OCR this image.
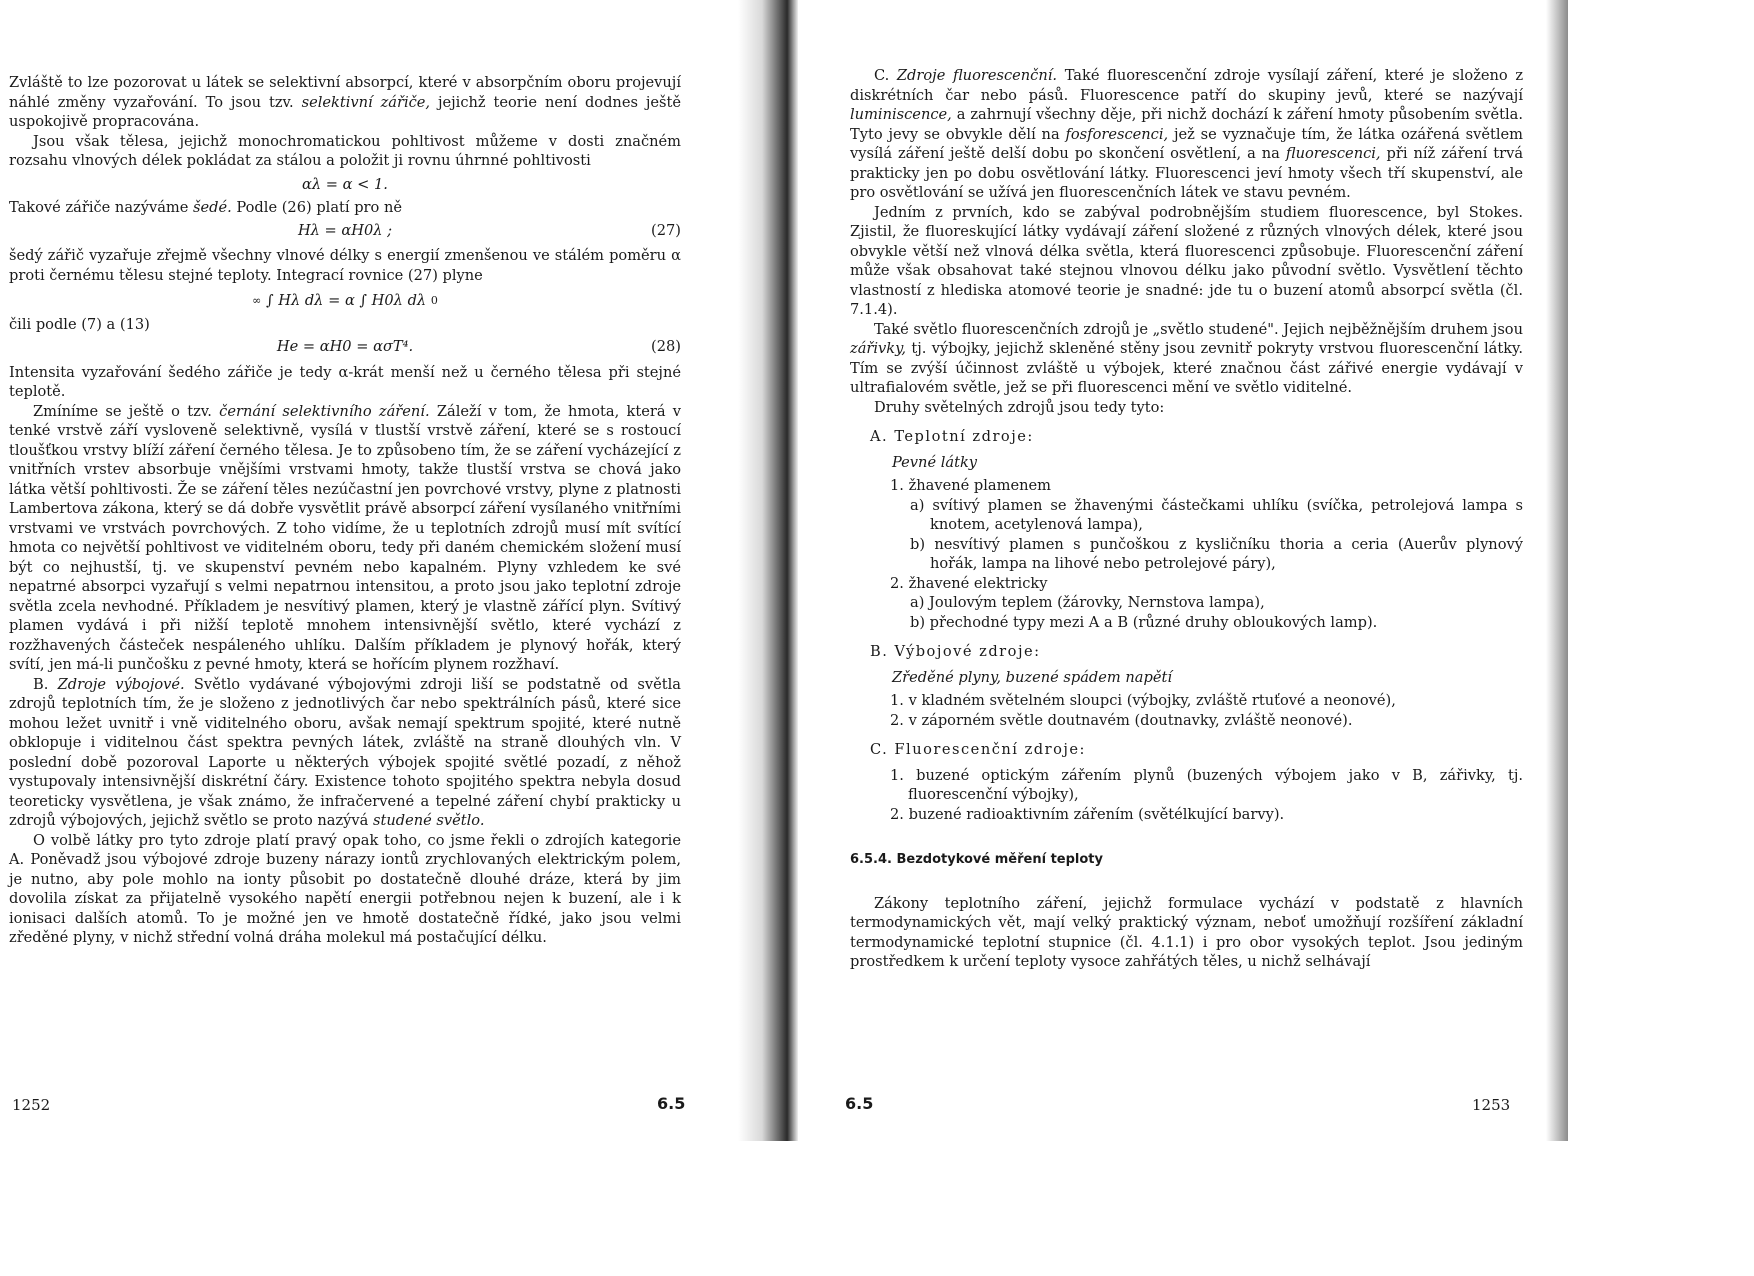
Zvláště to lze pozorovat u látek se selektivní absorpcí, které v absorpčním oboru projevují náhlé změny vyzařování. To jsou tzv. selektivní zářiče, jejichž teorie není dodnes ještě uspokojivě propracována.

Jsou však tělesa, jejichž monochromatickou pohltivost můžeme v dosti značném rozsahu vlnových délek pokládat za stálou a položit ji rovnu úhrnné pohltivosti

αλ = α < 1.

Takové zářiče nazýváme šedé. Podle (26) platí pro ně

Hλ = αH0λ ;	(27)

šedý zářič vyzařuje zřejmě všechny vlnové délky s energií zmenšenou ve stálém poměru α proti černému tělesu stejné teploty. Integrací rovnice (27) plyne

∞ ∫ Hλ dλ = α ∫ H0λ dλ 0

čili podle (7) a (13)

He = αH0 = ασT⁴.	(28)

Intensita vyzařování šedého zářiče je tedy α-krát menší než u černého tělesa při stejné teplotě.

Zmíníme se ještě o tzv. černání selektivního záření. Záleží v tom, že hmota, která v tenké vrstvě září vysloveně selektivně, vysílá v tlustší vrstvě záření, které se s rostoucí tloušťkou vrstvy blíží záření černého tělesa. Je to způsobeno tím, že se záření vycházející z vnitřních vrstev absorbuje vnějšími vrstvami hmoty, takže tlustší vrstva se chová jako látka větší pohltivosti. Že se záření těles nezúčastní jen povrchové vrstvy, plyne z platnosti Lambertova zákona, který se dá dobře vysvětlit právě absorpcí záření vysílaného vnitřními vrstvami ve vrstvách povrchových. Z toho vidíme, že u teplotních zdrojů musí mít svítící hmota co největší pohltivost ve viditelném oboru, tedy při daném chemickém složení musí být co nejhustší, tj. ve skupenství pevném nebo kapalném. Plyny vzhledem ke své nepatrné absorpci vyzařují s velmi nepatrnou intensitou, a proto jsou jako teplotní zdroje světla zcela nevhodné. Příkladem je nesvítivý plamen, který je vlastně zářící plyn. Svítivý plamen vydává i při nižší teplotě mnohem intensivnější světlo, které vychází z rozžhavených částeček nespáleného uhlíku. Dalším příkladem je plynový hořák, který svítí, jen má-li punčošku z pevné hmoty, která se hořícím plynem rozžhaví.

B. Zdroje výbojové. Světlo vydávané výbojovými zdroji liší se podstatně od světla zdrojů teplotních tím, že je složeno z jednotlivých čar nebo spektrálních pásů, které sice mohou ležet uvnitř i vně viditelného oboru, avšak nemají spektrum spojité, které nutně obklopuje i viditelnou část spektra pevných látek, zvláště na straně dlouhých vln. V poslední době pozoroval Laporte u některých výbojek spojité světlé pozadí, z něhož vystupovaly intensivnější diskrétní čáry. Existence tohoto spojitého spektra nebyla dosud teoreticky vysvětlena, je však známo, že infračervené a tepelné záření chybí prakticky u zdrojů výbojových, jejichž světlo se proto nazývá studené světlo.

O volbě látky pro tyto zdroje platí pravý opak toho, co jsme řekli o zdrojích kategorie A. Poněvadž jsou výbojové zdroje buzeny nárazy iontů zrychlovaných elektrickým polem, je nutno, aby pole mohlo na ionty působit po dostatečně dlouhé dráze, která by jim dovolila získat za přijatelně vysokého napětí energii potřebnou nejen k buzení, ale i k ionisaci dalších atomů. To je možné jen ve hmotě dostatečně řídké, jako jsou velmi zředěné plyny, v nichž střední volná dráha molekul má postačující délku.

1252	6.5

C. Zdroje fluorescenční. Také fluorescenční zdroje vysílají záření, které je složeno z diskrétních čar nebo pásů. Fluorescence patří do skupiny jevů, které se nazývají luminiscence, a zahrnují všechny děje, při nichž dochází k záření hmoty působením světla. Tyto jevy se obvykle dělí na fosforescenci, jež se vyznačuje tím, že látka ozářená světlem vysílá záření ještě delší dobu po skončení osvětlení, a na fluorescenci, při níž záření trvá prakticky jen po dobu osvětlování látky. Fluorescenci jeví hmoty všech tří skupenství, ale pro osvětlování se užívá jen fluorescenčních látek ve stavu pevném.

Jedním z prvních, kdo se zabýval podrobnějším studiem fluorescence, byl Stokes. Zjistil, že fluoreskující látky vydávají záření složené z různých vlnových délek, které jsou obvykle větší než vlnová délka světla, která fluorescenci způsobuje. Fluorescenční záření může však obsahovat také stejnou vlnovou délku jako původní světlo. Vysvětlení těchto vlastností z hlediska atomové teorie je snadné: jde tu o buzení atomů absorpcí světla (čl. 7.1.4).

Také světlo fluorescenčních zdrojů je „světlo studené". Jejich nejběžnějším druhem jsou zářivky, tj. výbojky, jejichž skleněné stěny jsou zevnitř pokryty vrstvou fluorescenční látky. Tím se zvýší účinnost zvláště u výbojek, které značnou část zářivé energie vydávají v ultrafialovém světle, jež se při fluorescenci mění ve světlo viditelné.

Druhy světelných zdrojů jsou tedy tyto:

A. Teplotní zdroje:

Pevné látky

1. žhavené plamenem

a) svítivý plamen se žhavenými částečkami uhlíku (svíčka, petrolejová lampa s knotem, acetylenová lampa),

b) nesvítivý plamen s punčoškou z kysličníku thoria a ceria (Auerův plynový hořák, lampa na lihové nebo petrolejové páry),

2. žhavené elektricky

a) Joulovým teplem (žárovky, Nernstova lampa),

b) přechodné typy mezi A a B (různé druhy obloukových lamp).

B. Výbojové zdroje:

Zředěné plyny, buzené spádem napětí

1. v kladném světelném sloupci (výbojky, zvláště rtuťové a neonové),

2. v záporném světle doutnavém (doutnavky, zvláště neonové).

C. Fluorescenční zdroje:

1. buzené optickým zářením plynů (buzených výbojem jako v B, zářivky, tj. fluorescenční výbojky),

2. buzené radioaktivním zářením (světélkující barvy).

6.5.4. Bezdotykové měření teploty

Zákony teplotního záření, jejichž formulace vychází v podstatě z hlavních termodynamických vět, mají velký praktický význam, neboť umožňují rozšíření základní termodynamické teplotní stupnice (čl. 4.1.1) i pro obor vysokých teplot. Jsou jediným prostředkem k určení teploty vysoce zahřátých těles, u nichž selhávají

6.5	1253
